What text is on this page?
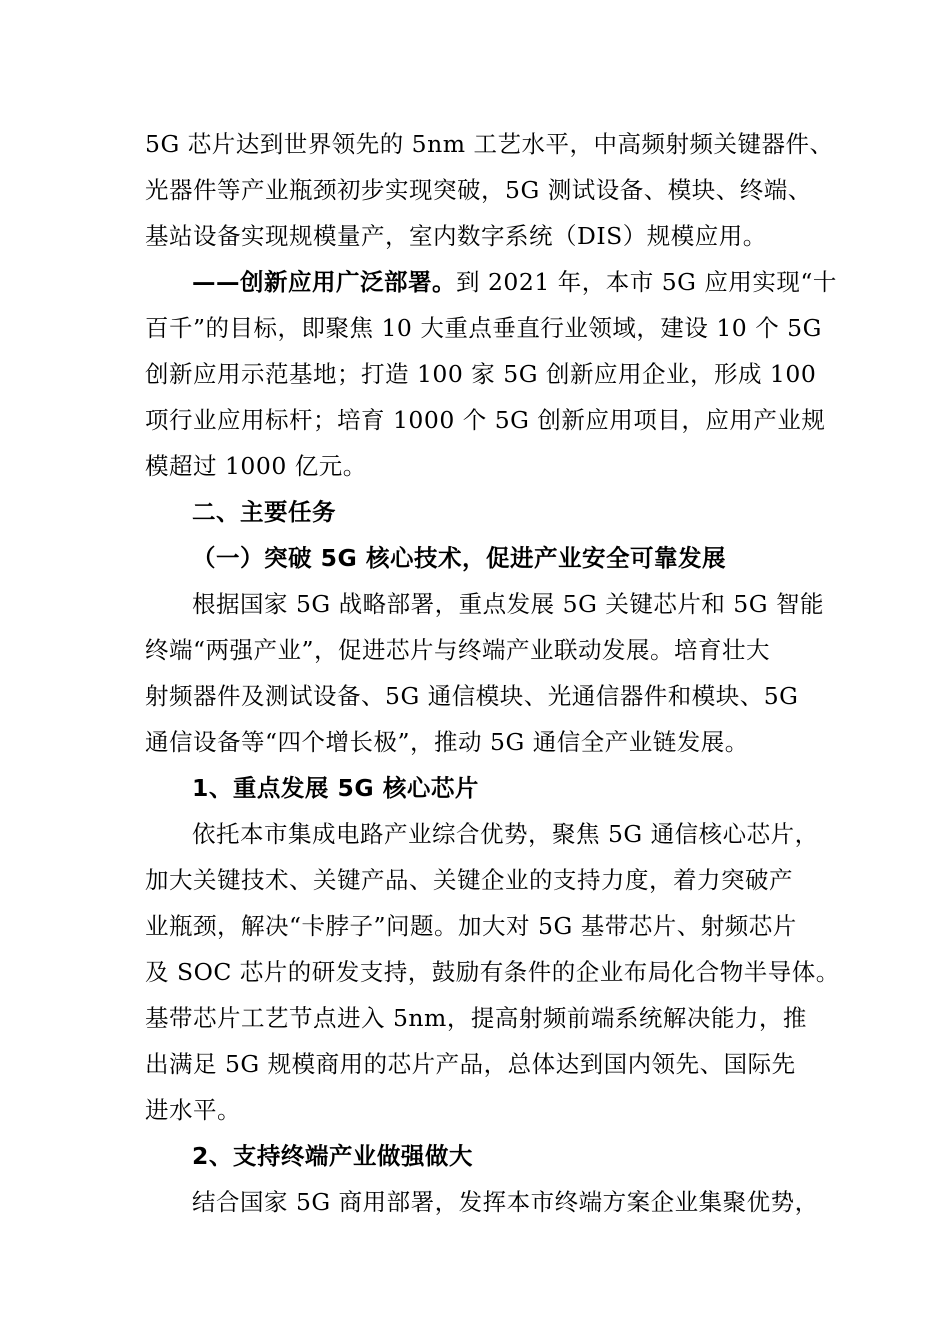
5G 芯片达到世界领先的 5nm 工艺水平，中高频射频关键器件、
光器件等产业瓶颈初步实现突破，5G 测试设备、模块、终端、
基站设备实现规模量产，室内数字系统（DIS）规模应用。
——创新应用广泛部署。到 2021 年，本市 5G 应用实现“十
百千”的目标，即聚焦 10 大重点垂直行业领域，建设 10 个 5G
创新应用示范基地；打造 100 家 5G 创新应用企业，形成 100
项行业应用标杆；培育 1000 个 5G 创新应用项目，应用产业规
模超过 1000 亿元。
二、主要任务
（一）突破 5G 核心技术，促进产业安全可靠发展
根据国家 5G 战略部署，重点发展 5G 关键芯片和 5G 智能
终端“两强产业”，促进芯片与终端产业联动发展。培育壮大
射频器件及测试设备、5G 通信模块、光通信器件和模块、5G
通信设备等“四个增长极”，推动 5G 通信全产业链发展。
1、重点发展 5G 核心芯片
依托本市集成电路产业综合优势，聚焦 5G 通信核心芯片，
加大关键技术、关键产品、关键企业的支持力度，着力突破产
业瓶颈，解决“卡脖子”问题。加大对 5G 基带芯片、射频芯片
及 SOC 芯片的研发支持，鼓励有条件的企业布局化合物半导体。
基带芯片工艺节点进入 5nm，提高射频前端系统解决能力，推
出满足 5G 规模商用的芯片产品，总体达到国内领先、国际先
进水平。
2、支持终端产业做强做大
结合国家 5G 商用部署，发挥本市终端方案企业集聚优势，
